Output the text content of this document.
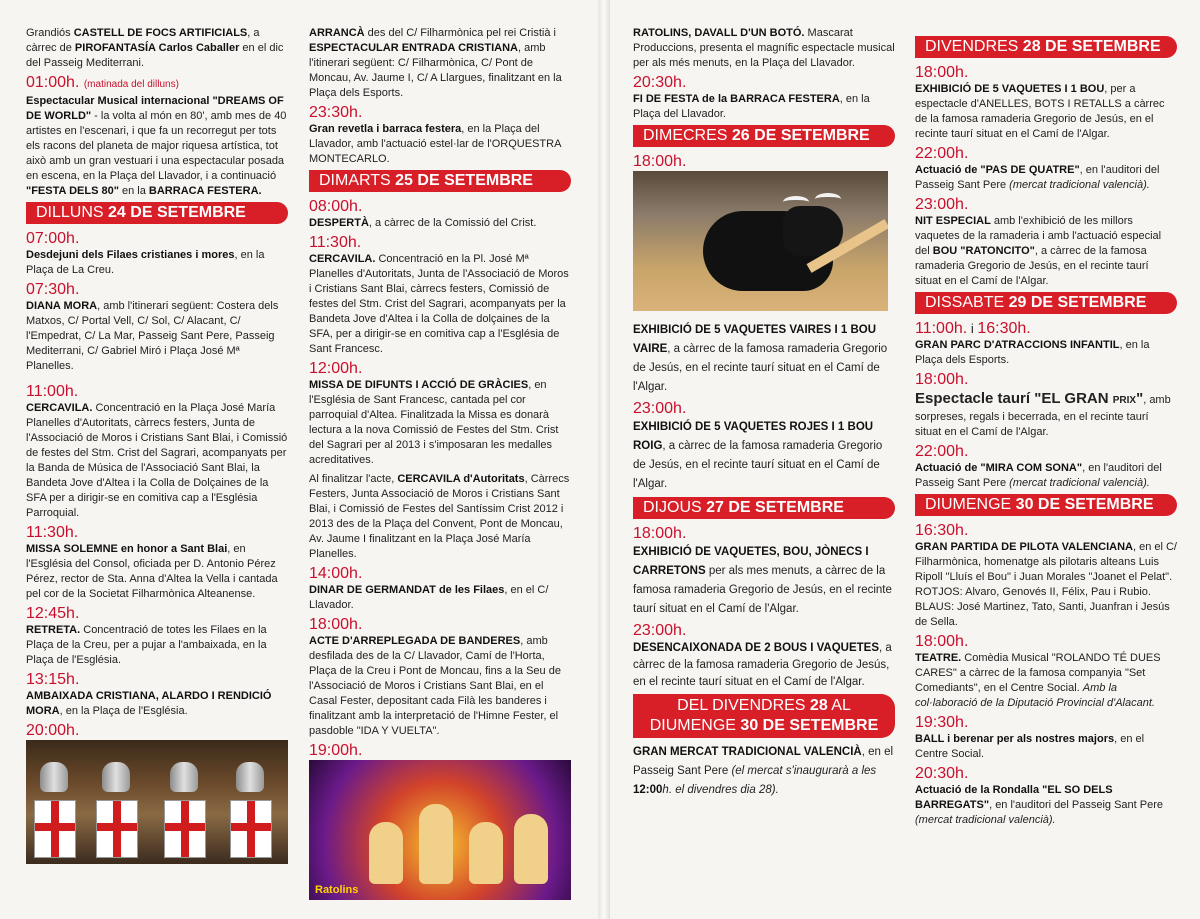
Grandiós CASTELL DE FOCS ARTIFICIALS, a càrrec de PIROFANTASÍA Carlos Caballer en el dic del Passeig Mediterrani.

01:00h. (matinada del dilluns)

Espectacular Musical internacional "DREAMS OF DE WORLD" - la volta al món en 80', amb mes de 40 artistes en l'escenari, i que fa un recorregut per tots els racons del planeta de major riquesa artística, tot això amb un gran vestuari i una espectacular posada en escena, en la Plaça del Llavador, i a continuació "FESTA DELS 80" en la BARRACA FESTERA.

DILLUNS 24 DE SETEMBRE
07:00h.

Desdejuni dels Filaes cristianes i mores, en la Plaça de La Creu.

07:30h.

DIANA MORA, amb l'itinerari següent: Costera dels Matxos, C/ Portal Vell, C/ Sol, C/ Alacant, C/ l'Empedrat, C/ La Mar, Passeig Sant Pere, Passeig Mediterrani, C/ Gabriel Miró i Plaça José Mª Planelles.

11:00h.

CERCAVILA. Concentració en la Plaça José María Planelles d'Autoritats, càrrecs festers, Junta de l'Associació de Moros i Cristians Sant Blai, i Comissió de festes del Stm. Crist del Sagrari, acompanyats per la Banda de Música de l'Associació Sant Blai, la Bandeta Jove d'Altea i la Colla de Dolçaines de la SFA per a dirigir-se en comitiva cap a l'Església Parroquial.

11:30h.

MISSA SOLEMNE en honor a Sant Blai, en l'Església del Consol, oficiada per D. Antonio Pérez Pérez, rector de Sta. Anna d'Altea la Vella i cantada pel cor de la Societat Filharmònica Alteanense.

12:45h.

RETRETA. Concentració de totes les Filaes en la Plaça de la Creu, per a pujar a l'ambaixada, en la Plaça de l'Església.

13:15h.

AMBAIXADA CRISTIANA, ALARDO I RENDICIÓ MORA, en la Plaça de l'Església.

20:00h.

ARRANCÀ des del C/ Filharmònica pel rei Cristià i ESPECTACULAR ENTRADA CRISTIANA, amb l'itinerari següent: C/ Filharmònica, C/ Pont de Moncau, Av. Jaume I, C/ A Llargues, finalitzant en la Plaça dels Esports.

23:30h.

Gran revetla i barraca festera, en la Plaça del Llavador, amb l'actuació estel·lar de l'ORQUESTRA MONTECARLO.

DIMARTS 25 DE SETEMBRE
08:00h.

DESPERTÀ, a càrrec de la Comissió del Crist.

11:30h.

CERCAVILA. Concentració en la Pl. José Mª Planelles d'Autoritats, Junta de l'Associació de Moros i Cristians Sant Blai, càrrecs festers, Comissió de festes del Stm. Crist del Sagrari, acompanyats per la Bandeta Jove d'Altea i la Colla de dolçaines de la SFA, per a dirigir-se en comitiva cap a l'Església de Sant Francesc.

12:00h.

MISSA DE DIFUNTS I ACCIÓ DE GRÀCIES, en l'Església de Sant Francesc, cantada pel cor parroquial d'Altea. Finalitzada la Missa es donarà lectura a la nova Comissió de Festes del Stm. Crist del Sagrari per al 2013 i s'imposaran les medalles acreditatives.

Al finalitzar l'acte, CERCAVILA d'Autoritats, Càrrecs Festers, Junta Associació de Moros i Cristians Sant Blai, i Comissió de Festes del Santíssim Crist 2012 i 2013 des de la Plaça del Convent, Pont de Moncau, Av. Jaume I finalitzant en la Plaça José María Planelles.

14:00h.

DINAR DE GERMANDAT de les Filaes, en el C/ Llavador.

18:00h.

ACTE D'ARREPLEGADA DE BANDERES, amb desfilada des de la C/ Llavador, Camí de l'Horta, Plaça de la Creu i Pont de Moncau, fins a la Seu de l'Associació de Moros i Cristians Sant Blai, en el Casal Fester, depositant cada Filà les banderes i finalitzant amb la interpretació de l'Himne Fester, el pasdoble "IDA Y VUELTA".

19:00h.
Ratolins

RATOLINS, DAVALL D'UN BOTÓ. Mascarat Produccions, presenta el magnífic espectacle musical per als més menuts, en la Plaça del Llavador.

20:30h.

FI DE FESTA de la BARRACA FESTERA, en la Plaça del Llavador.

DIMECRES 26 DE SETEMBRE
18:00h.

EXHIBICIÓ DE 5 VAQUETES VAIRES I 1 BOU VAIRE, a càrrec de la famosa ramaderia Gregorio de Jesús, en el recinte taurí situat en el Camí de l'Algar.

23:00h.

EXHIBICIÓ DE 5 VAQUETES ROJES I 1 BOU ROIG, a càrrec de la famosa ramaderia Gregorio de Jesús, en el recinte taurí situat en el Camí de l'Algar.

DIJOUS 27 DE SETEMBRE
18:00h.

EXHIBICIÓ DE VAQUETES, BOU, JÒNECS I CARRETONS per als mes menuts, a càrrec de la famosa ramaderia Gregorio de Jesús, en el recinte taurí situat en el Camí de l'Algar.

23:00h.

DESENCAIXONADA DE 2 BOUS I VAQUETES, a càrrec de la famosa ramaderia Gregorio de Jesús, en el recinte taurí situat en el Camí de l'Algar.

DEL DIVENDRES 28 AL
DIUMENGE 30 DE SETEMBRE

GRAN MERCAT TRADICIONAL VALENCIÀ, en el Passeig Sant Pere (el mercat s'inaugurarà a les 12:00h. el divendres dia 28).

DIVENDRES 28 DE SETEMBRE
18:00h.

EXHIBICIÓ DE 5 VAQUETES I 1 BOU, per a espectacle d'ANELLES, BOTS I RETALLS a càrrec de la famosa ramaderia Gregorio de Jesús, en el recinte taurí situat en el Camí de l'Algar.

22:00h.

Actuació de "PAS DE QUATRE", en l'auditori del Passeig Sant Pere (mercat tradicional valencià).

23:00h.

NIT ESPECIAL amb l'exhibició de les millors vaquetes de la ramaderia i amb l'actuació especial del BOU "RATONCITO", a càrrec de la famosa ramaderia Gregorio de Jesús, en el recinte taurí situat en el Camí de l'Algar.

DISSABTE 29 DE SETEMBRE
11:00h. i 16:30h.

GRAN PARC D'ATRACCIONS INFANTIL, en la Plaça dels Esports.

18:00h.

Espectacle taurí "EL GRAN PRIX", amb sorpreses, regals i becerrada, en el recinte taurí situat en el Camí de l'Algar.

22:00h.

Actuació de "MIRA COM SONA", en l'auditori del Passeig Sant Pere (mercat tradicional valencià).

DIUMENGE 30 DE SETEMBRE
16:30h.

GRAN PARTIDA DE PILOTA VALENCIANA, en el C/ Filharmònica, homenatge als pilotaris alteans Luis Ripoll "Lluís el Bou" i Juan Morales "Joanet el Pelat". RОTJOS: Alvaro, Genovés II, Félix, Pau i Rubio. BLAUS: José Martinez, Tato, Santi, Juanfran i Jesús de Sella.

18:00h.

TEATRE. Comèdia Musical "ROLANDO TÉ DUES CARES" a càrrec de la famosa companyia "Set Comediants", en el Centre Social. Amb la col·laboració de la Diputació Provincial d'Alacant.

19:30h.

BALL i berenar per als nostres majors, en el Centre Social.

20:30h.

Actuació de la Rondalla "EL SO DELS BARREGATS", en l'auditori del Passeig Sant Pere (mercat tradicional valencià).
